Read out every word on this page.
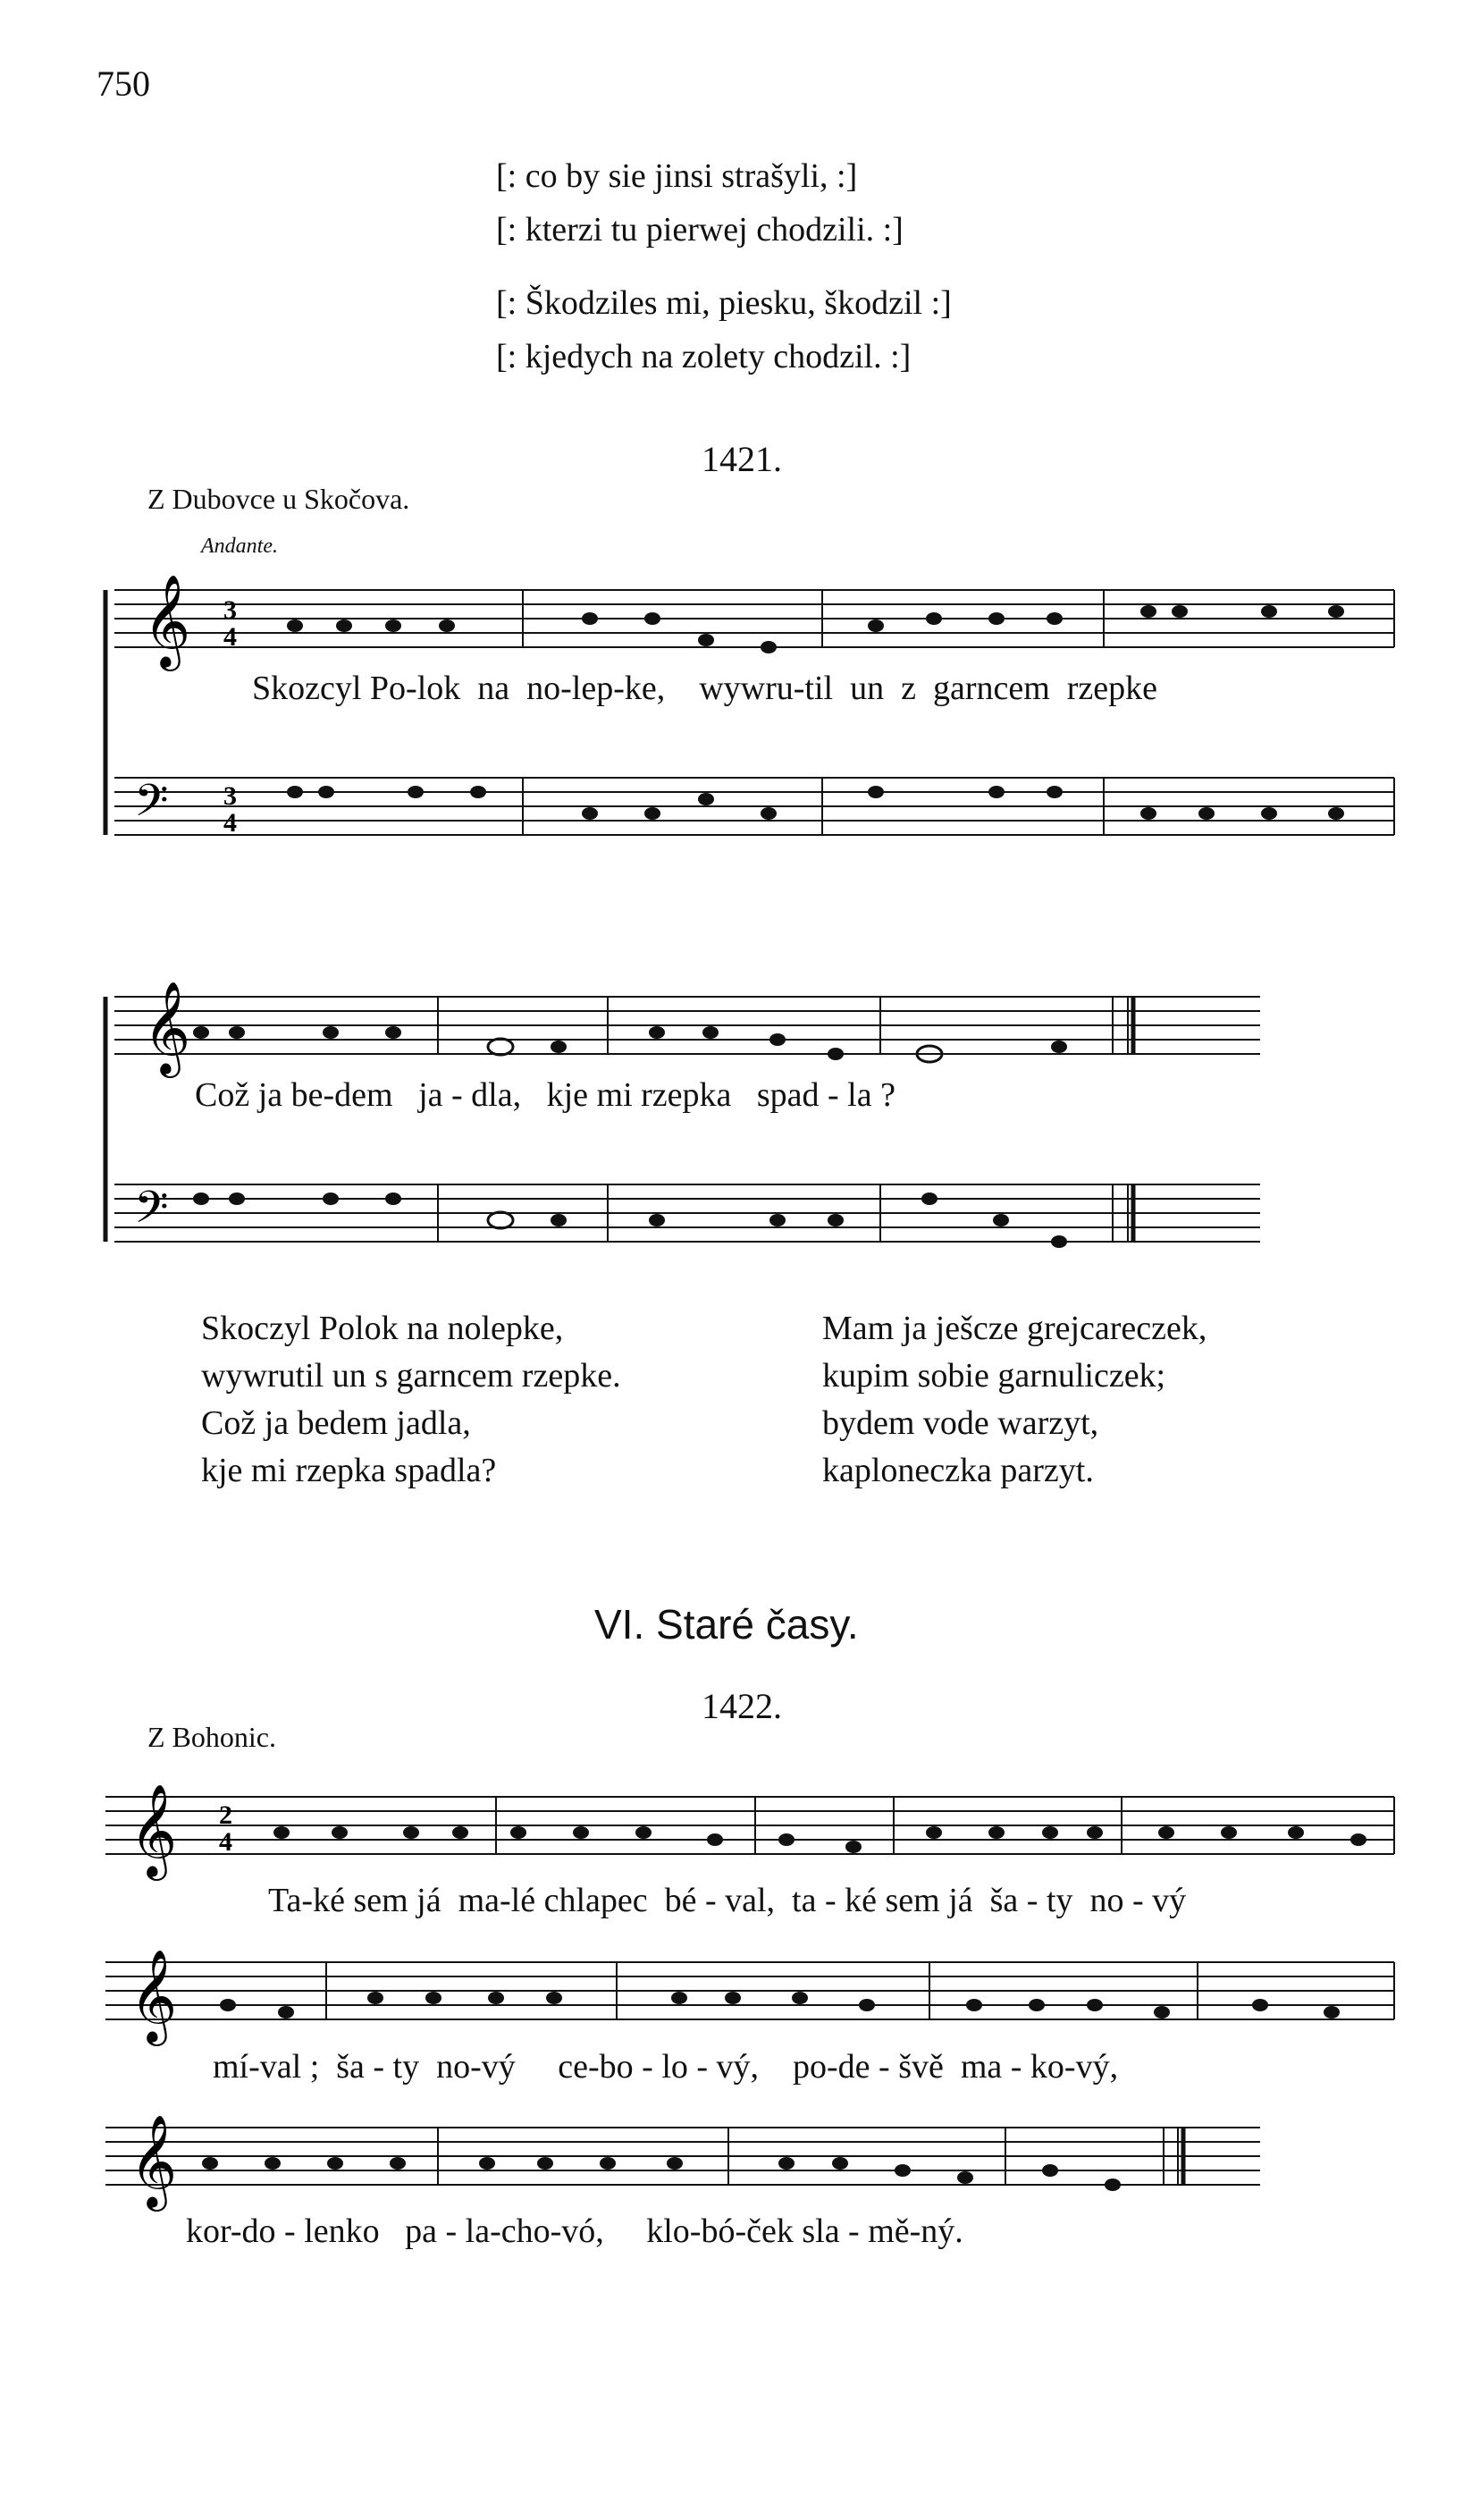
750
[: co by sie jinsi strašyli, :]
[: kterzi tu pierwej chodzili. :]
[: Škodziles mi, piesku, škodzil :]
[: kjedych na zolety chodzil. :]
1421.
Z Dubovce u Skočova.
Andante.
𝄞
𝄢
3
4
3
4
Skozcyl Po-lok  na  no-lep-ke,    wywru-til  un  z  garncem  rzepke
𝄞
𝄢
Což ja be-dem   ja - dla,   kje mi rzepka   spad - la ?
Skoczyl Polok na nolepke,
wywrutil un s garncem rzepke.
Což ja bedem jadla,
kje mi rzepka spadla?
Mam ja ješcze grejcareczek,
kupim sobie garnuliczek;
bydem vode warzyt,
kaploneczka parzyt.
VI. Staré časy.
1422.
Z Bohonic.
𝄞 2
4
Ta-ké sem já  ma-lé chlapec  bé - val,  ta - ké sem já  ša - ty  no - vý
𝄞
mí-val ;  ša - ty  no-vý     ce-bo - lo - vý,    po-de - švě  ma - ko-vý,
𝄞
kor-do - lenko   pa - la-cho-vó,     klo-bó-ček sla - mě-ný.
